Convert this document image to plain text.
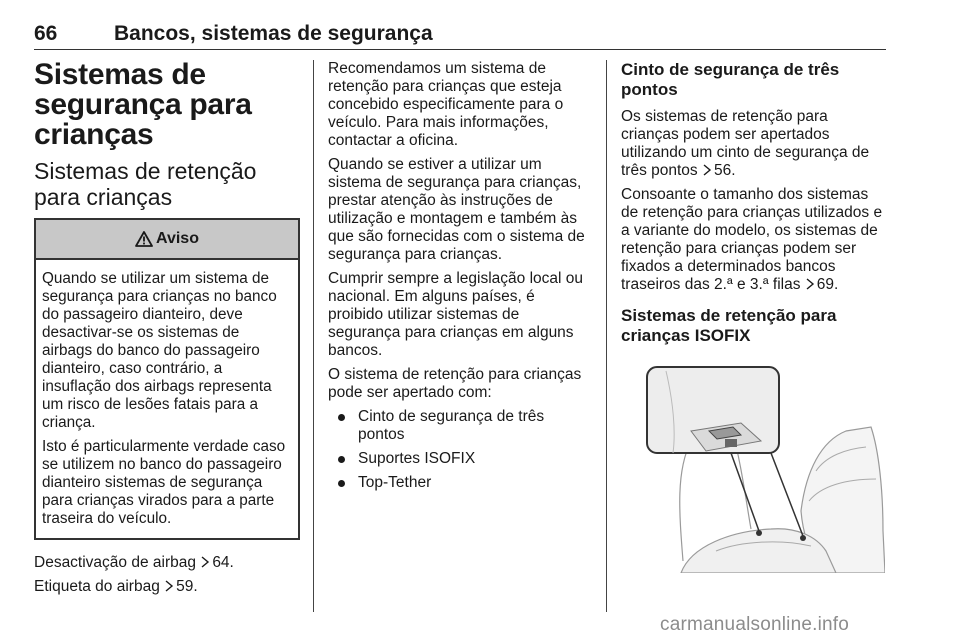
66	Bancos, sistemas de segurança
Sistemas de segurança para crianças
Sistemas de retenção para crianças
Aviso

Quando se utilizar um sistema de segurança para crianças no banco do passageiro dianteiro, deve desactivar-se os sistemas de airbags do banco do passageiro dianteiro, caso contrário, a insuflação dos airbags representa um risco de lesões fatais para a criança.

Isto é particularmente verdade caso se utilizem no banco do passageiro dianteiro sistemas de segurança para crianças virados para a parte traseira do veículo.

Desactivação de airbag 64.

Etiqueta do airbag 59.

Recomendamos um sistema de retenção para crianças que esteja concebido especificamente para o veículo. Para mais informações, contactar a oficina.

Quando se estiver a utilizar um sistema de segurança para crianças, prestar atenção às instruções de utilização e montagem e também às que são fornecidas com o sistema de segurança para crianças.

Cumprir sempre a legislação local ou nacional. Em alguns países, é proibido utilizar sistemas de segurança para crianças em alguns bancos.

O sistema de retenção para crianças pode ser apertado com:

Cinto de segurança de três pontos
Suportes ISOFIX
Top-Tether
Cinto de segurança de três pontos

Os sistemas de retenção para crianças podem ser apertados utilizando um cinto de segurança de três pontos 56.

Consoante o tamanho dos sistemas de retenção para crianças utilizados e a variante do modelo, os sistemas de retenção para crianças podem ser fixados a determinados bancos traseiros das 2.ª e 3.ª filas 69.

Sistemas de retenção para crianças ISOFIX
carmanualsonline.info
